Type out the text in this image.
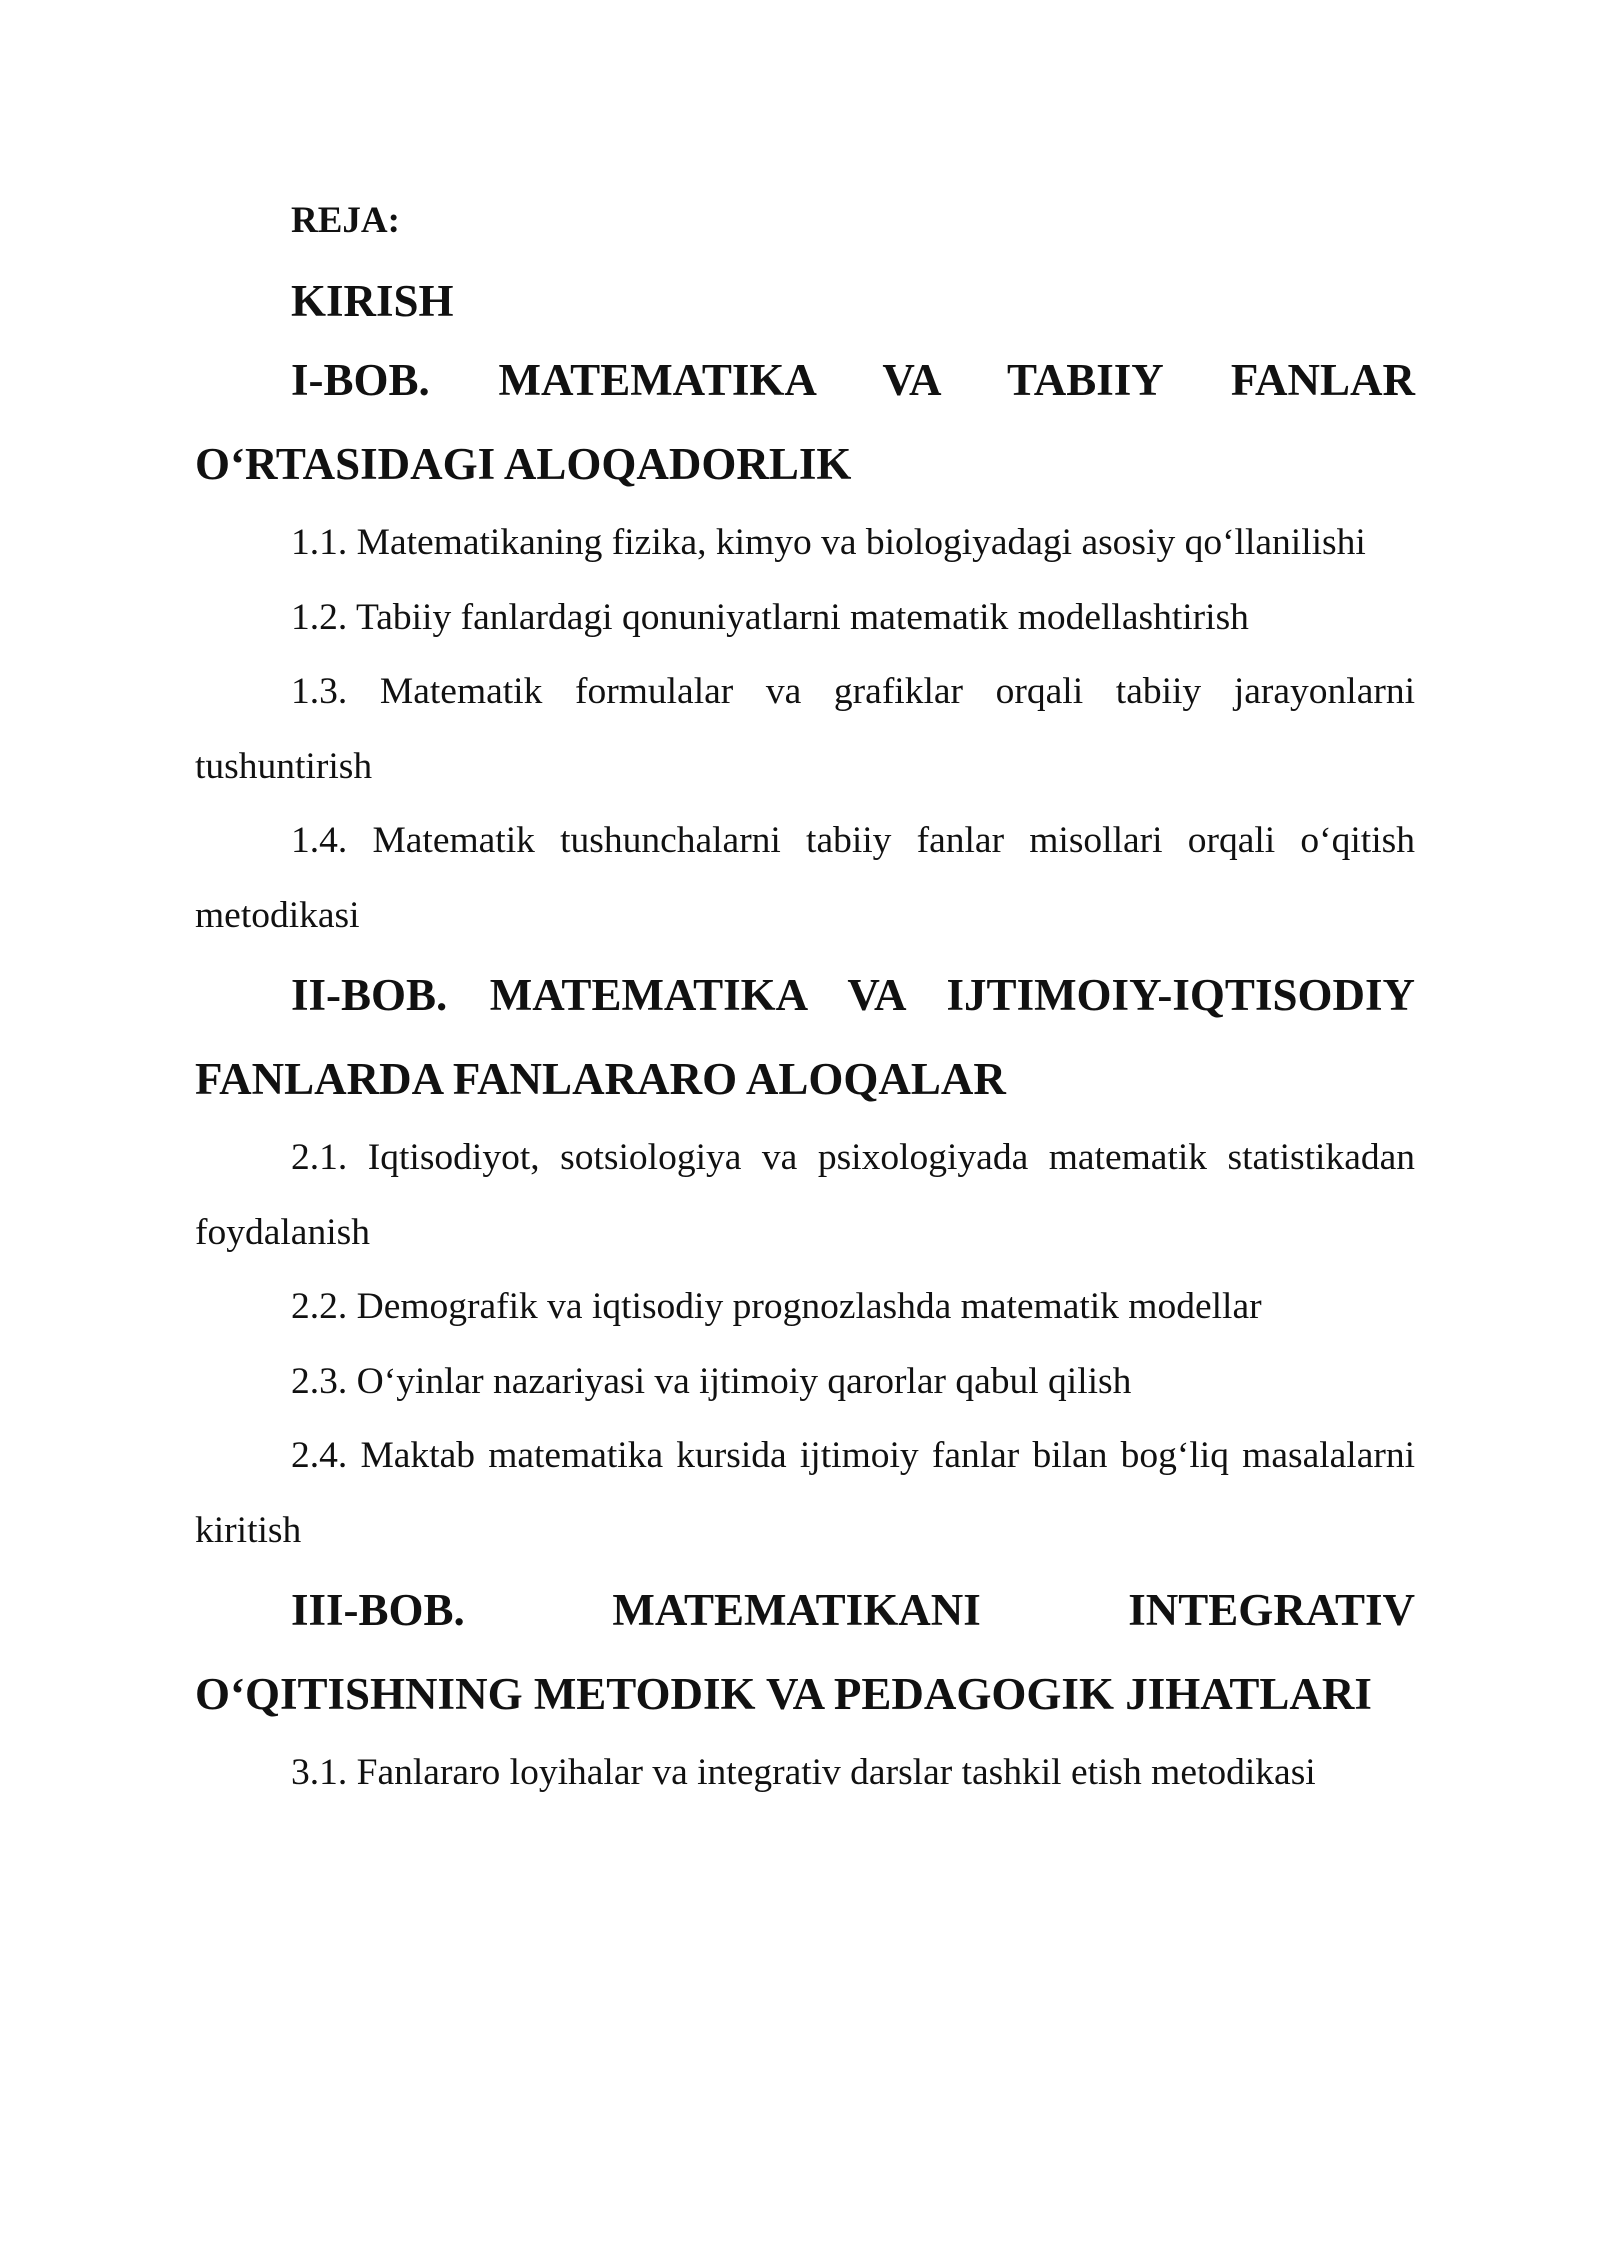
REJA:

KIRISH

I-BOB. MATEMATIKA VA TABIIY FANLAR O‘RTASIDAGI ALOQADORLIK

1.1. Matematikaning fizika, kimyo va biologiyadagi asosiy qo‘llanilishi

1.2. Tabiiy fanlardagi qonuniyatlarni matematik modellashtirish

1.3. Matematik formulalar va grafiklar orqali tabiiy jarayonlarni tushuntirish

1.4. Matematik tushunchalarni tabiiy fanlar misollari orqali o‘qitish metodikasi

II-BOB. MATEMATIKA VA IJTIMOIY-IQTISODIY FANLARDA FANLARARO ALOQALAR

2.1. Iqtisodiyot, sotsiologiya va psixologiyada matematik statistikadan foydalanish

2.2. Demografik va iqtisodiy prognozlashda matematik modellar

2.3. O‘yinlar nazariyasi va ijtimoiy qarorlar qabul qilish

2.4. Maktab matematika kursida ijtimoiy fanlar bilan bog‘liq masalalarni kiritish

III-BOB. MATEMATIKANI INTEGRATIV O‘QITISHNING METODIK VA PEDAGOGIK JIHATLARI

3.1. Fanlararo loyihalar va integrativ darslar tashkil etish metodikasi
